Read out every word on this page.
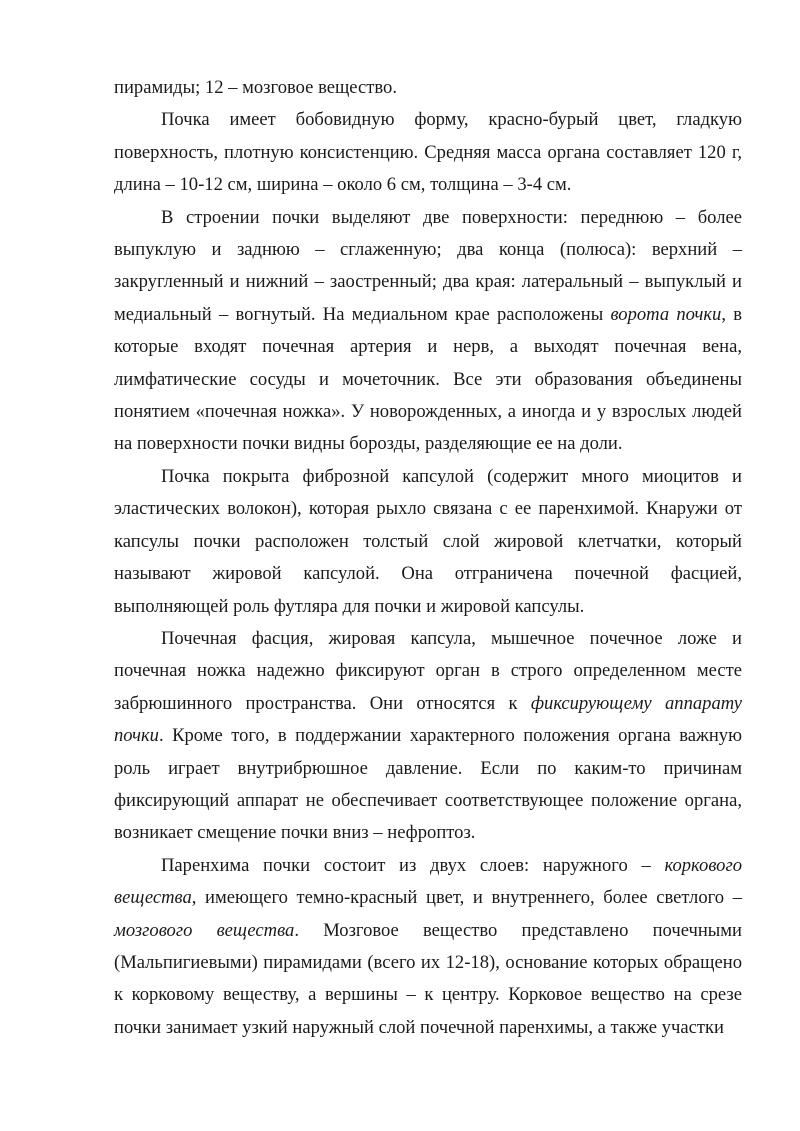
пирамиды; 12 – мозговое вещество.

Почка имеет бобовидную форму, красно-бурый цвет, гладкую поверхность, плотную консистенцию. Средняя масса органа составляет 120 г, длина – 10-12 см, ширина – около 6 см, толщина – 3-4 см.

В строении почки выделяют две поверхности: переднюю – более выпуклую и заднюю – сглаженную; два конца (полюса): верхний – закругленный и нижний – заостренный; два края: латеральный – выпуклый и медиальный – вогнутый. На медиальном крае расположены ворота почки, в которые входят почечная артерия и нерв, а выходят почечная вена, лимфатические сосуды и мочеточник. Все эти образования объединены понятием «почечная ножка». У новорожденных, а иногда и у взрослых людей на поверхности почки видны борозды, разделяющие ее на доли.

Почка покрыта фиброзной капсулой (содержит много миоцитов и эластических волокон), которая рыхло связана с ее паренхимой. Кнаружи от капсулы почки расположен толстый слой жировой клетчатки, который называют жировой капсулой. Она отграничена почечной фасцией, выполняющей роль футляра для почки и жировой капсулы.

Почечная фасция, жировая капсула, мышечное почечное ложе и почечная ножка надежно фиксируют орган в строго определенном месте забрюшинного пространства. Они относятся к фиксирующему аппарату почки. Кроме того, в поддержании характерного положения органа важную роль играет внутрибрюшное давление. Если по каким-то причинам фиксирующий аппарат не обеспечивает соответствующее положение органа, возникает смещение почки вниз – нефроптоз.

Паренхима почки состоит из двух слоев: наружного – коркового вещества, имеющего темно-красный цвет, и внутреннего, более светлого – мозгового вещества. Мозговое вещество представлено почечными (Мальпигиевыми) пирамидами (всего их 12-18), основание которых обращено к корковому веществу, а вершины – к центру. Корковое вещество на срезе почки занимает узкий наружный слой почечной паренхимы, а также участки
